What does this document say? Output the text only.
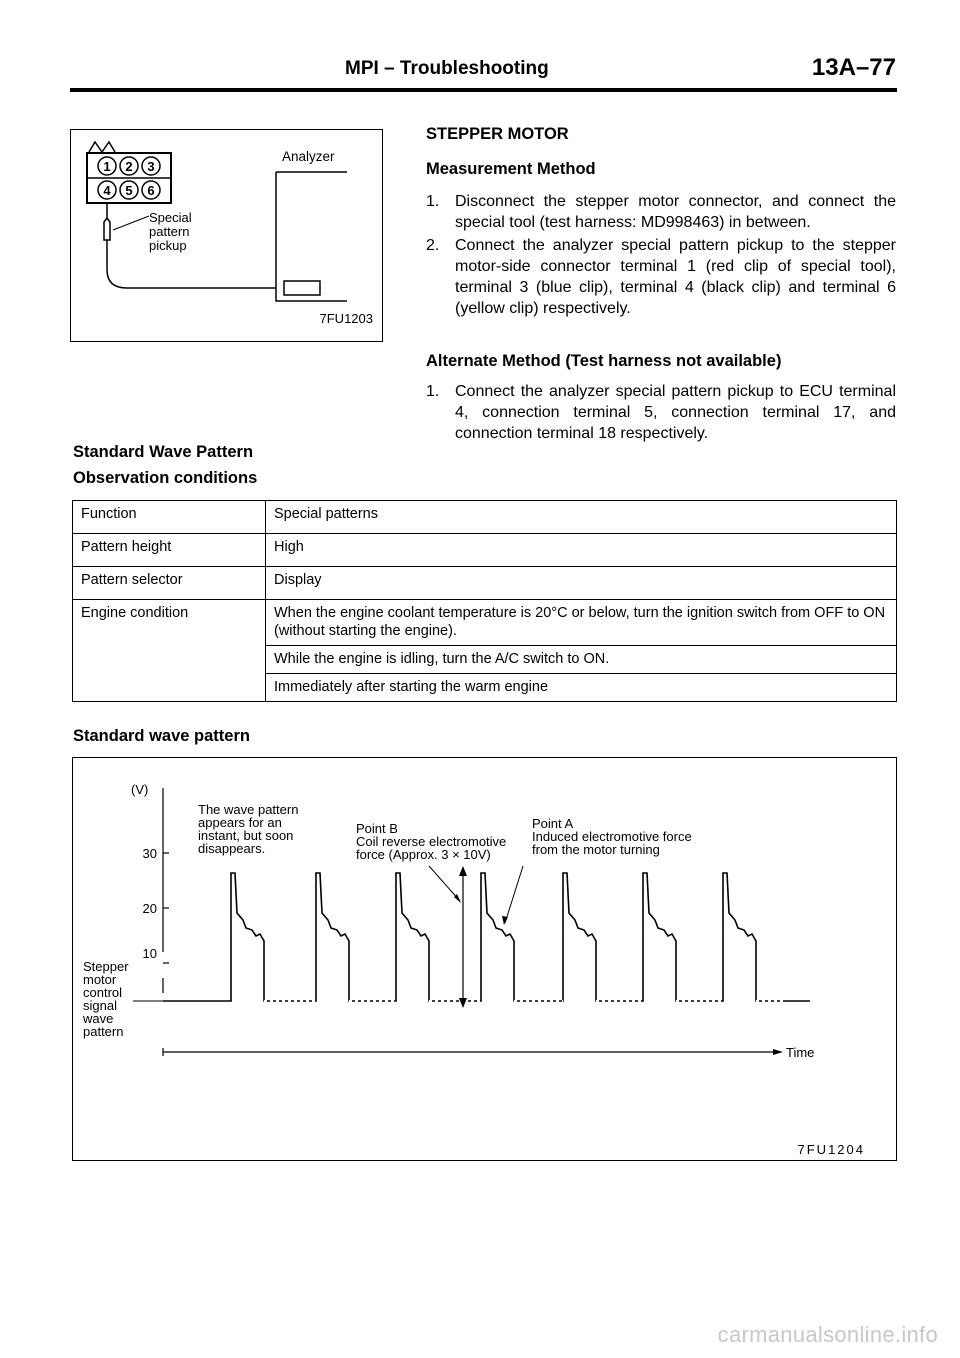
MPI – Troubleshooting	13A–77
1 2 3
4 5 6
Special
pattern
pickup
Analyzer
7FU1203
STEPPER MOTOR
Measurement Method
1. Disconnect the stepper motor connector, and connect the special tool (test harness: MD998463) in between.
2. Connect the analyzer special pattern pickup to the stepper motor-side connector terminal 1 (red clip of special tool), terminal 3 (blue clip), terminal 4 (black clip) and terminal 6 (yellow clip) respectively.
Alternate Method (Test harness not available)
1. Connect the analyzer special pattern pickup to ECU terminal 4, connection terminal 5, connection terminal 17, and connection terminal 18 respectively.
Standard Wave Pattern
Observation conditions
Function	Special patterns
Pattern height	High
Pattern selector	Display
Engine condition	When the engine coolant temperature is 20°C or below, turn the ignition switch from OFF to ON (without starting the engine).
	While the engine is idling, turn the A/C switch to ON.
	Immediately after starting the warm engine
Standard wave pattern
(V)
30
20
10
Stepper
motor
control
signal
wave
pattern
The wave pattern
appears for an
instant, but soon
disappears.
Point B
Coil reverse electromotive
force (Approx. 3 × 10V)
Point A
Induced electromotive force
from the motor turning
Time
7FU1204
carmanualsonline.info
